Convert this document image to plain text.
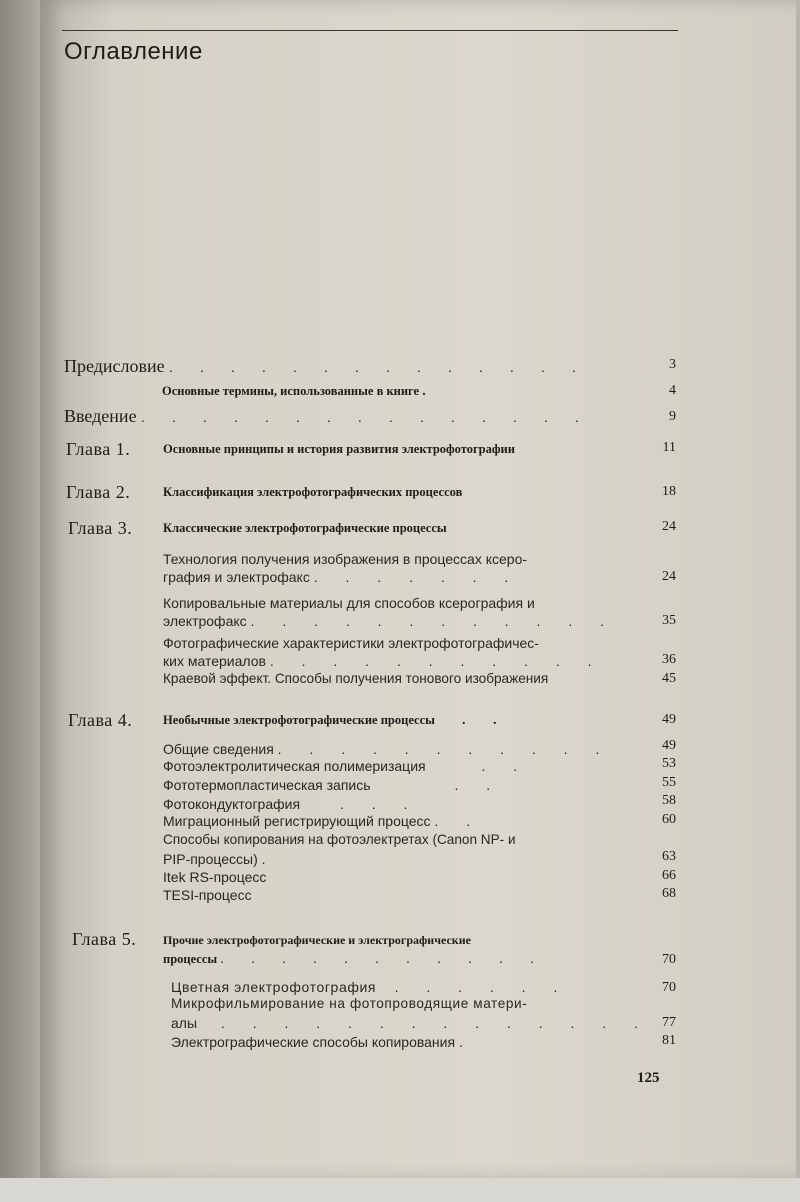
Оглавление
Предисловие . . . . . . . . . . . . . .	3
Основные термины, использованные в книге .	4
Введение . . . . . . . . . . . . . . .	9
Глава 1.	Основные принципы и история развития электрофотографии	11
Глава 2.	Классификация электрофотографических процессов	18
Глава 3. Классические электрофотографические процессы	24
Технология получения изображения в процессах ксеро-
графия и электрофакс . . . . . . .	24
Копировальные материалы для способов ксерография и
электрофакс . . . . . . . . . . . .	35
Фотографические характеристики электрофотографичес-
ких материалов . . . . . . . . . . .	36
Краевой эффект. Способы получения тонового изображения	45
Глава 4. Необычные электрофотографические процессы . .	49
Общие сведения . . . . . . . . . . .	49
Фотоэлектролитическая полимеризация	. .	53
Фототермопластическая запись	. .	55
Фотокондуктография	. . .	58
Миграционный регистрирующий процесс . .	60
Способы копирования на фотоэлектретах (Canon NP- и
PIP-процессы) .	63
Itek RS-процесс	66
TESI-процесс	68
Глава 5. Прочие электрофотографические и электрографические
процессы . . . . . . . . . . .	70
Цветная электрофотография . . . . . .	70
Микрофильмирование на фотопроводящие матери-
алы . . . . . . . . . . . . . . 77
Электрографические способы копирования .	81
125
